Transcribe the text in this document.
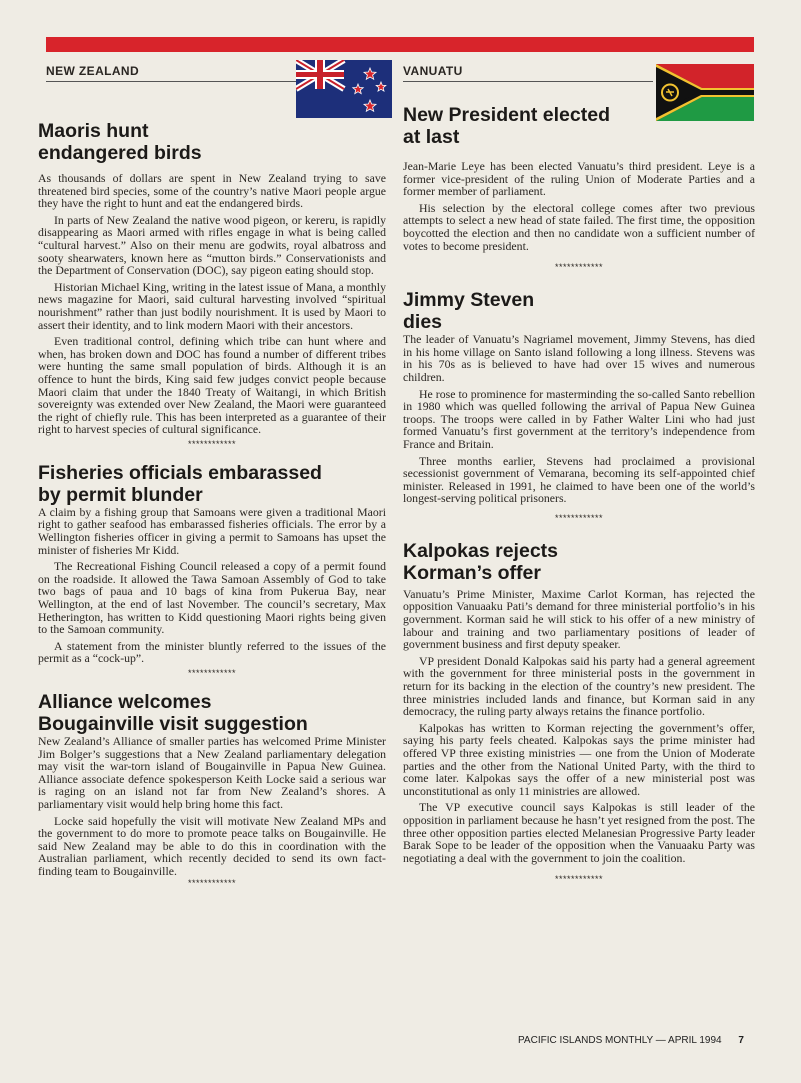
NEW ZEALAND
Maoris hunt
endangered birds

As thousands of dollars are spent in New Zealand trying to save threatened bird species, some of the country’s native Maori people argue they have the right to hunt and eat the endangered birds.

In parts of New Zealand the native wood pigeon, or kereru, is rapidly disappearing as Maori armed with rifles engage in what is being called “cultural harvest.” Also on their menu are godwits, royal albatross and sooty shearwaters, known here as “mutton birds.” Conservationists and the Department of Conservation (DOC), say pigeon eating should stop.

Historian Michael King, writing in the latest issue of Mana, a monthly news magazine for Maori, said cultural harvesting involved “spiritual nourishment” rather than just bodily nourishment. It is used by Maori to assert their identity, and to link modern Maori with their ancestors.

Even traditional control, defining which tribe can hunt where and when, has broken down and DOC has found a number of different tribes were hunting the same small population of birds. Although it is an offence to hunt the birds, King said few judges convict people because Maori claim that under the 1840 Treaty of Waitangi, in which British sovereignty was extended over New Zealand, the Maori were guaranteed the right of chiefly rule. This has been interpreted as a guarantee of their right to harvest species of cultural significance.

************
Fisheries officials embarassed
by permit blunder

A claim by a fishing group that Samoans were given a traditional Maori right to gather seafood has embarassed fisheries officials. The error by a Wellington fisheries officer in giving a permit to Samoans has upset the minister of fisheries Mr Kidd.

The Recreational Fishing Council released a copy of a permit found on the roadside. It allowed the Tawa Samoan Assembly of God to take two bags of paua and 10 bags of kina from Pukerua Bay, near Wellington, at the end of last November. The council’s secretary, Max Hetherington, has written to Kidd questioning Maori rights being given to the Samoan community.

A statement from the minister bluntly referred to the issues of the permit as a “cock-up”.

************
Alliance welcomes
Bougainville visit suggestion

New Zealand’s Alliance of smaller parties has welcomed Prime Minister Jim Bolger’s suggestions that a New Zealand parliamentary delegation may visit the war-torn island of Bougainville in Papua New Guinea. Alliance associate defence spokesperson Keith Locke said a serious war is raging on an island not far from New Zealand’s shores. A parliamentary visit would help bring home this fact.

Locke said hopefully the visit will motivate New Zealand MPs and the government to do more to promote peace talks on Bougainville. He said New Zealand may be able to do this in coordination with the Australian parliament, which recently decided to send its own fact-finding team to Bougainville.

************
VANUATU
New President elected
at last

Jean-Marie Leye has been elected Vanuatu’s third president. Leye is a former vice-president of the ruling Union of Moderate Parties and a former member of parliament.

His selection by the electoral college comes after two previous attempts to select a new head of state failed. The first time, the opposition boycotted the election and then no candidate won a sufficient number of votes to become president.

************
Jimmy Steven
dies

The leader of Vanuatu’s Nagriamel movement, Jimmy Stevens, has died in his home village on Santo island following a long illness. Stevens was in his 70s as is believed to have had over 15 wives and numerous children.

He rose to prominence for masterminding the so-called Santo rebellion in 1980 which was quelled following the arrival of Papua New Guinea troops. The troops were called in by Father Walter Lini who had just formed Vanuatu’s first government at the territory’s independence from France and Britain.

Three months earlier, Stevens had proclaimed a provisional secessionist government of Vemarana, becoming its self-appointed chief minister. Released in 1991, he claimed to have been one of the world’s longest-serving political prisoners.

************
Kalpokas rejects
Korman’s offer

Vanuatu’s Prime Minister, Maxime Carlot Korman, has rejected the opposition Vanuaaku Pati’s demand for three ministerial portfolio’s in his government. Korman said he will stick to his offer of a new ministry of labour and training and two parliamentary positions of leader of government business and first deputy speaker.

VP president Donald Kalpokas said his party had a general agreement with the government for three ministerial posts in the government in return for its backing in the election of the country’s new president. The three ministries included lands and finance, but Korman said in any democracy, the ruling party always retains the finance portfolio.

Kalpokas has written to Korman rejecting the government’s offer, saying his party feels cheated. Kalpokas says the prime minister had offered VP three existing ministries — one from the Union of Moderate parties and the other from the National United Party, with the third to come later. Kalpokas says the offer of a new ministerial post was unconstitutional as only 11 ministries are allowed.

The VP executive council says Kalpokas is still leader of the opposition in parliament because he hasn’t yet resigned from the post. The three other opposition parties elected Melanesian Progressive Party leader Barak Sope to be leader of the opposition when the Vanuaaku Party was negotiating a deal with the government to join the coalition.

************
PACIFIC ISLANDS MONTHLY — APRIL 1994 7
